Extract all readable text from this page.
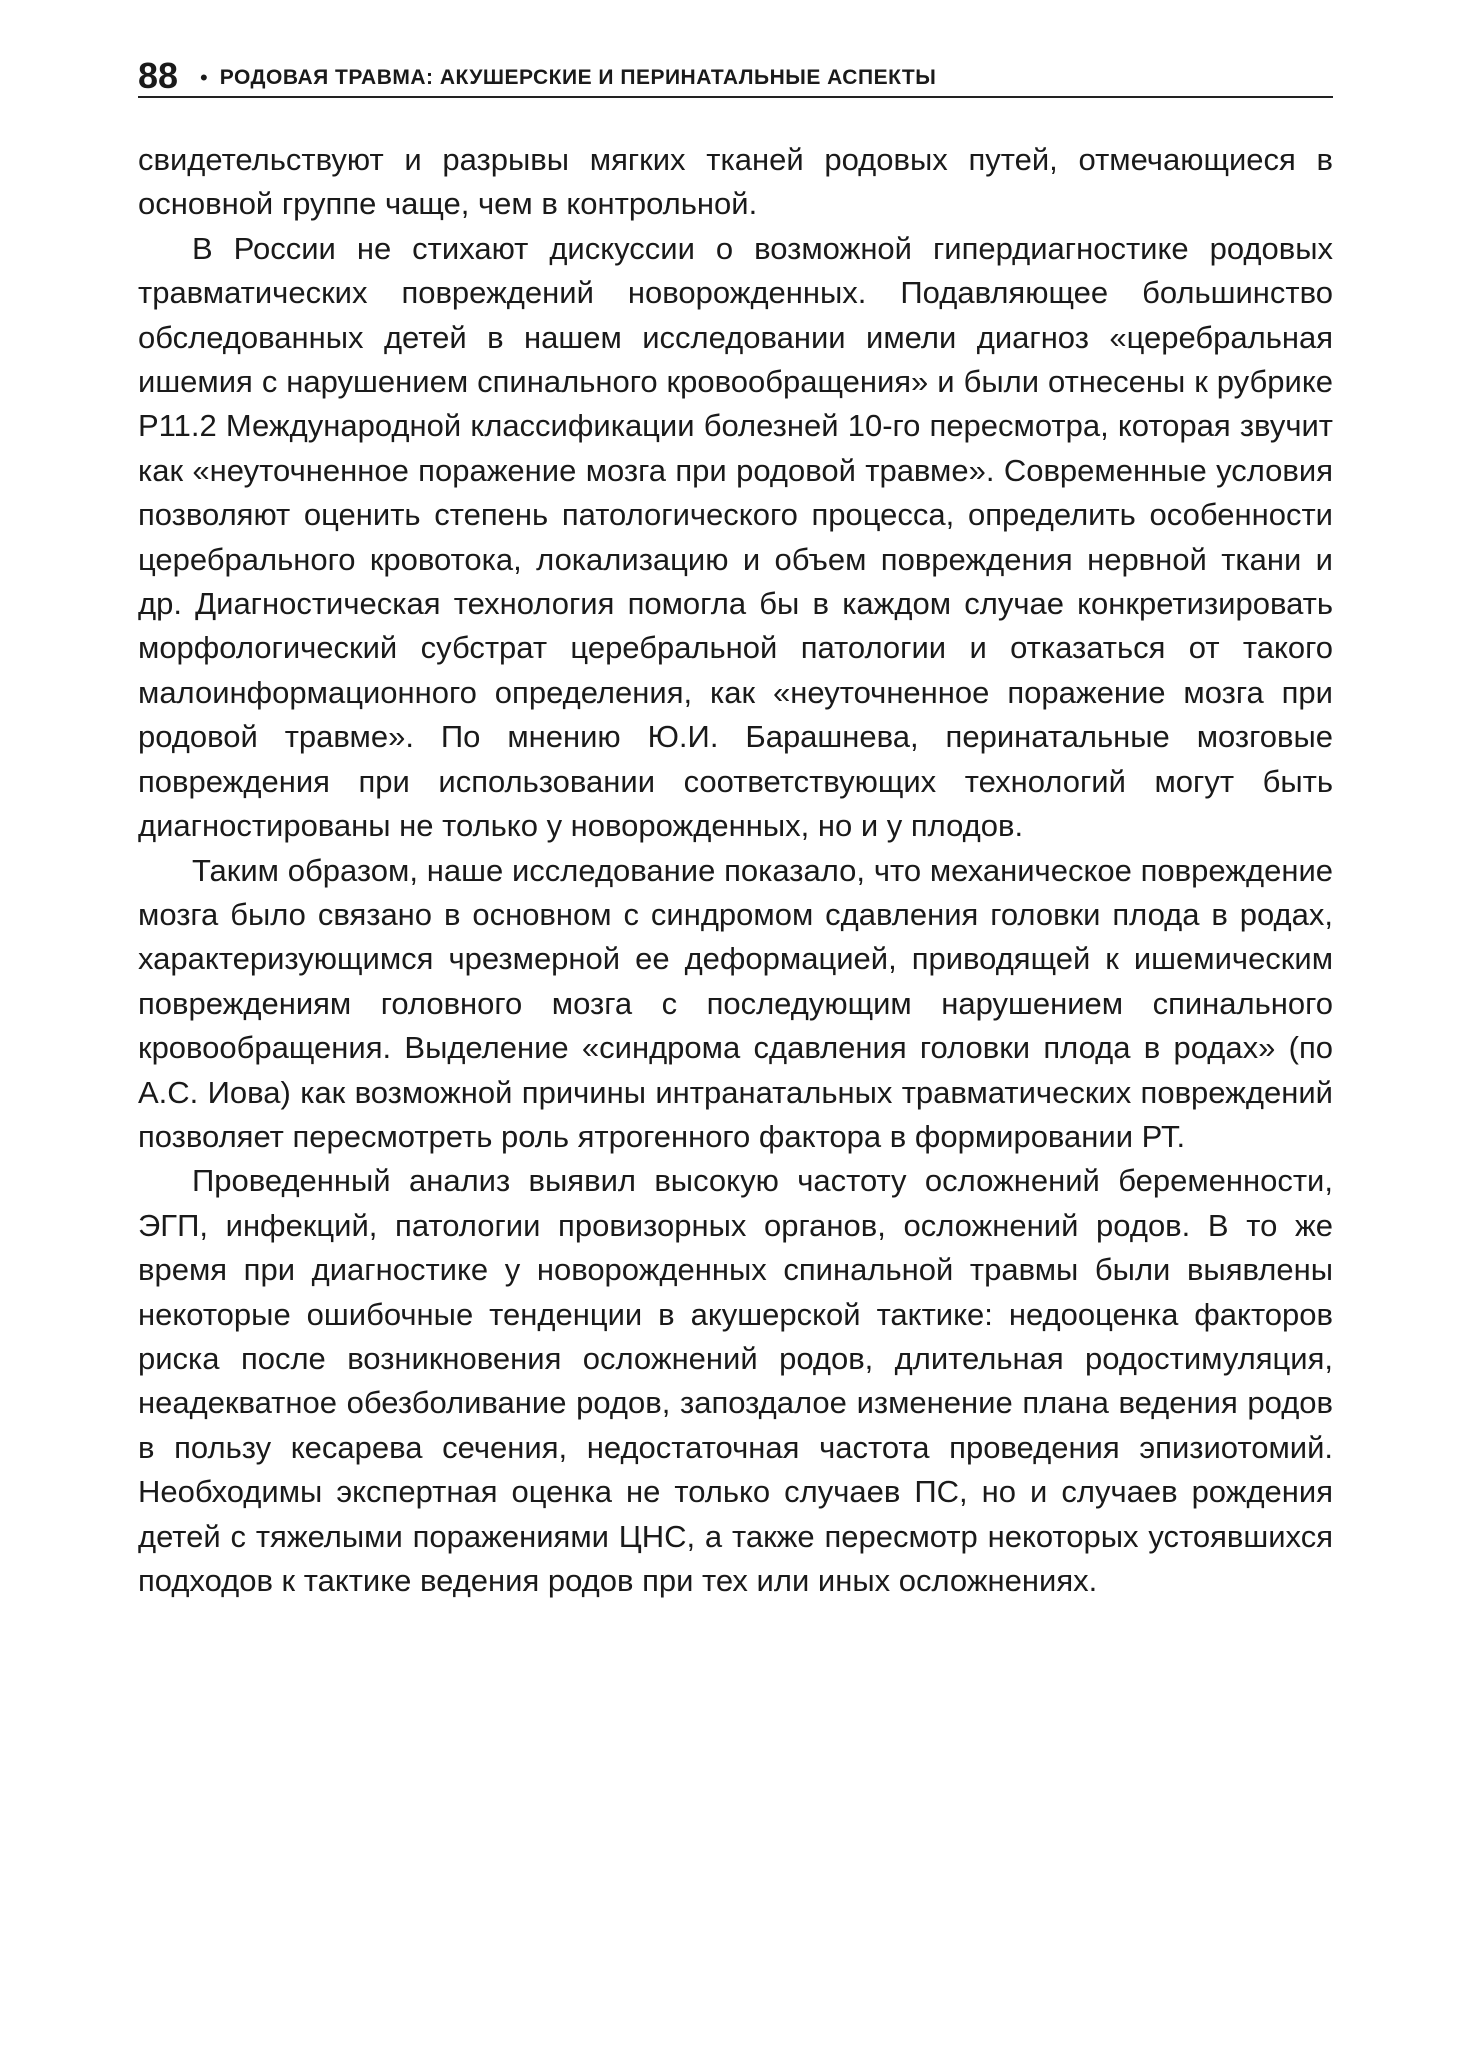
88 • РОДОВАЯ ТРАВМА: АКУШЕРСКИЕ И ПЕРИНАТАЛЬНЫЕ АСПЕКТЫ

свидетельствуют и разрывы мягких тканей родовых путей, отмечающиеся в основной группе чаще, чем в контрольной.

В России не стихают дискуссии о возможной гипердиагностике родовых травматических повреждений новорожденных. Подавляющее большинство обследованных детей в нашем исследовании имели диагноз «церебральная ишемия с нарушением спинального кровообращения» и были отнесены к рубрике Р11.2 Международной классификации болезней 10-го пересмотра, которая звучит как «неуточненное поражение мозга при родовой травме». Современные условия позволяют оценить степень патологического процесса, определить особенности церебрального кровотока, локализацию и объем повреждения нервной ткани и др. Диагностическая технология помогла бы в каждом случае конкретизировать морфологический субстрат церебральной патологии и отказаться от такого малоинформационного определения, как «неуточненное поражение мозга при родовой травме». По мнению Ю.И. Барашнева, перинатальные мозговые повреждения при использовании соответствующих технологий могут быть диагностированы не только у новорожденных, но и у плодов.

Таким образом, наше исследование показало, что механическое повреждение мозга было связано в основном с синдромом сдавления головки плода в родах, характеризующимся чрезмерной ее деформацией, приводящей к ишемическим повреждениям головного мозга с последующим нарушением спинального кровообращения. Выделение «синдрома сдавления головки плода в родах» (по А.С. Иова) как возможной причины интранатальных травматических повреждений позволяет пересмотреть роль ятрогенного фактора в формировании РТ.

Проведенный анализ выявил высокую частоту осложнений беременности, ЭГП, инфекций, патологии провизорных органов, осложнений родов. В то же время при диагностике у новорожденных спинальной травмы были выявлены некоторые ошибочные тенденции в акушерской тактике: недооценка факторов риска после возникновения осложнений родов, длительная родостимуляция, неадекватное обезболивание родов, запоздалое изменение плана ведения родов в пользу кесарева сечения, недостаточная частота проведения эпизиотомий. Необходимы экспертная оценка не только случаев ПС, но и случаев рождения детей с тяжелыми поражениями ЦНС, а также пересмотр некоторых устоявшихся подходов к тактике ведения родов при тех или иных осложнениях.
